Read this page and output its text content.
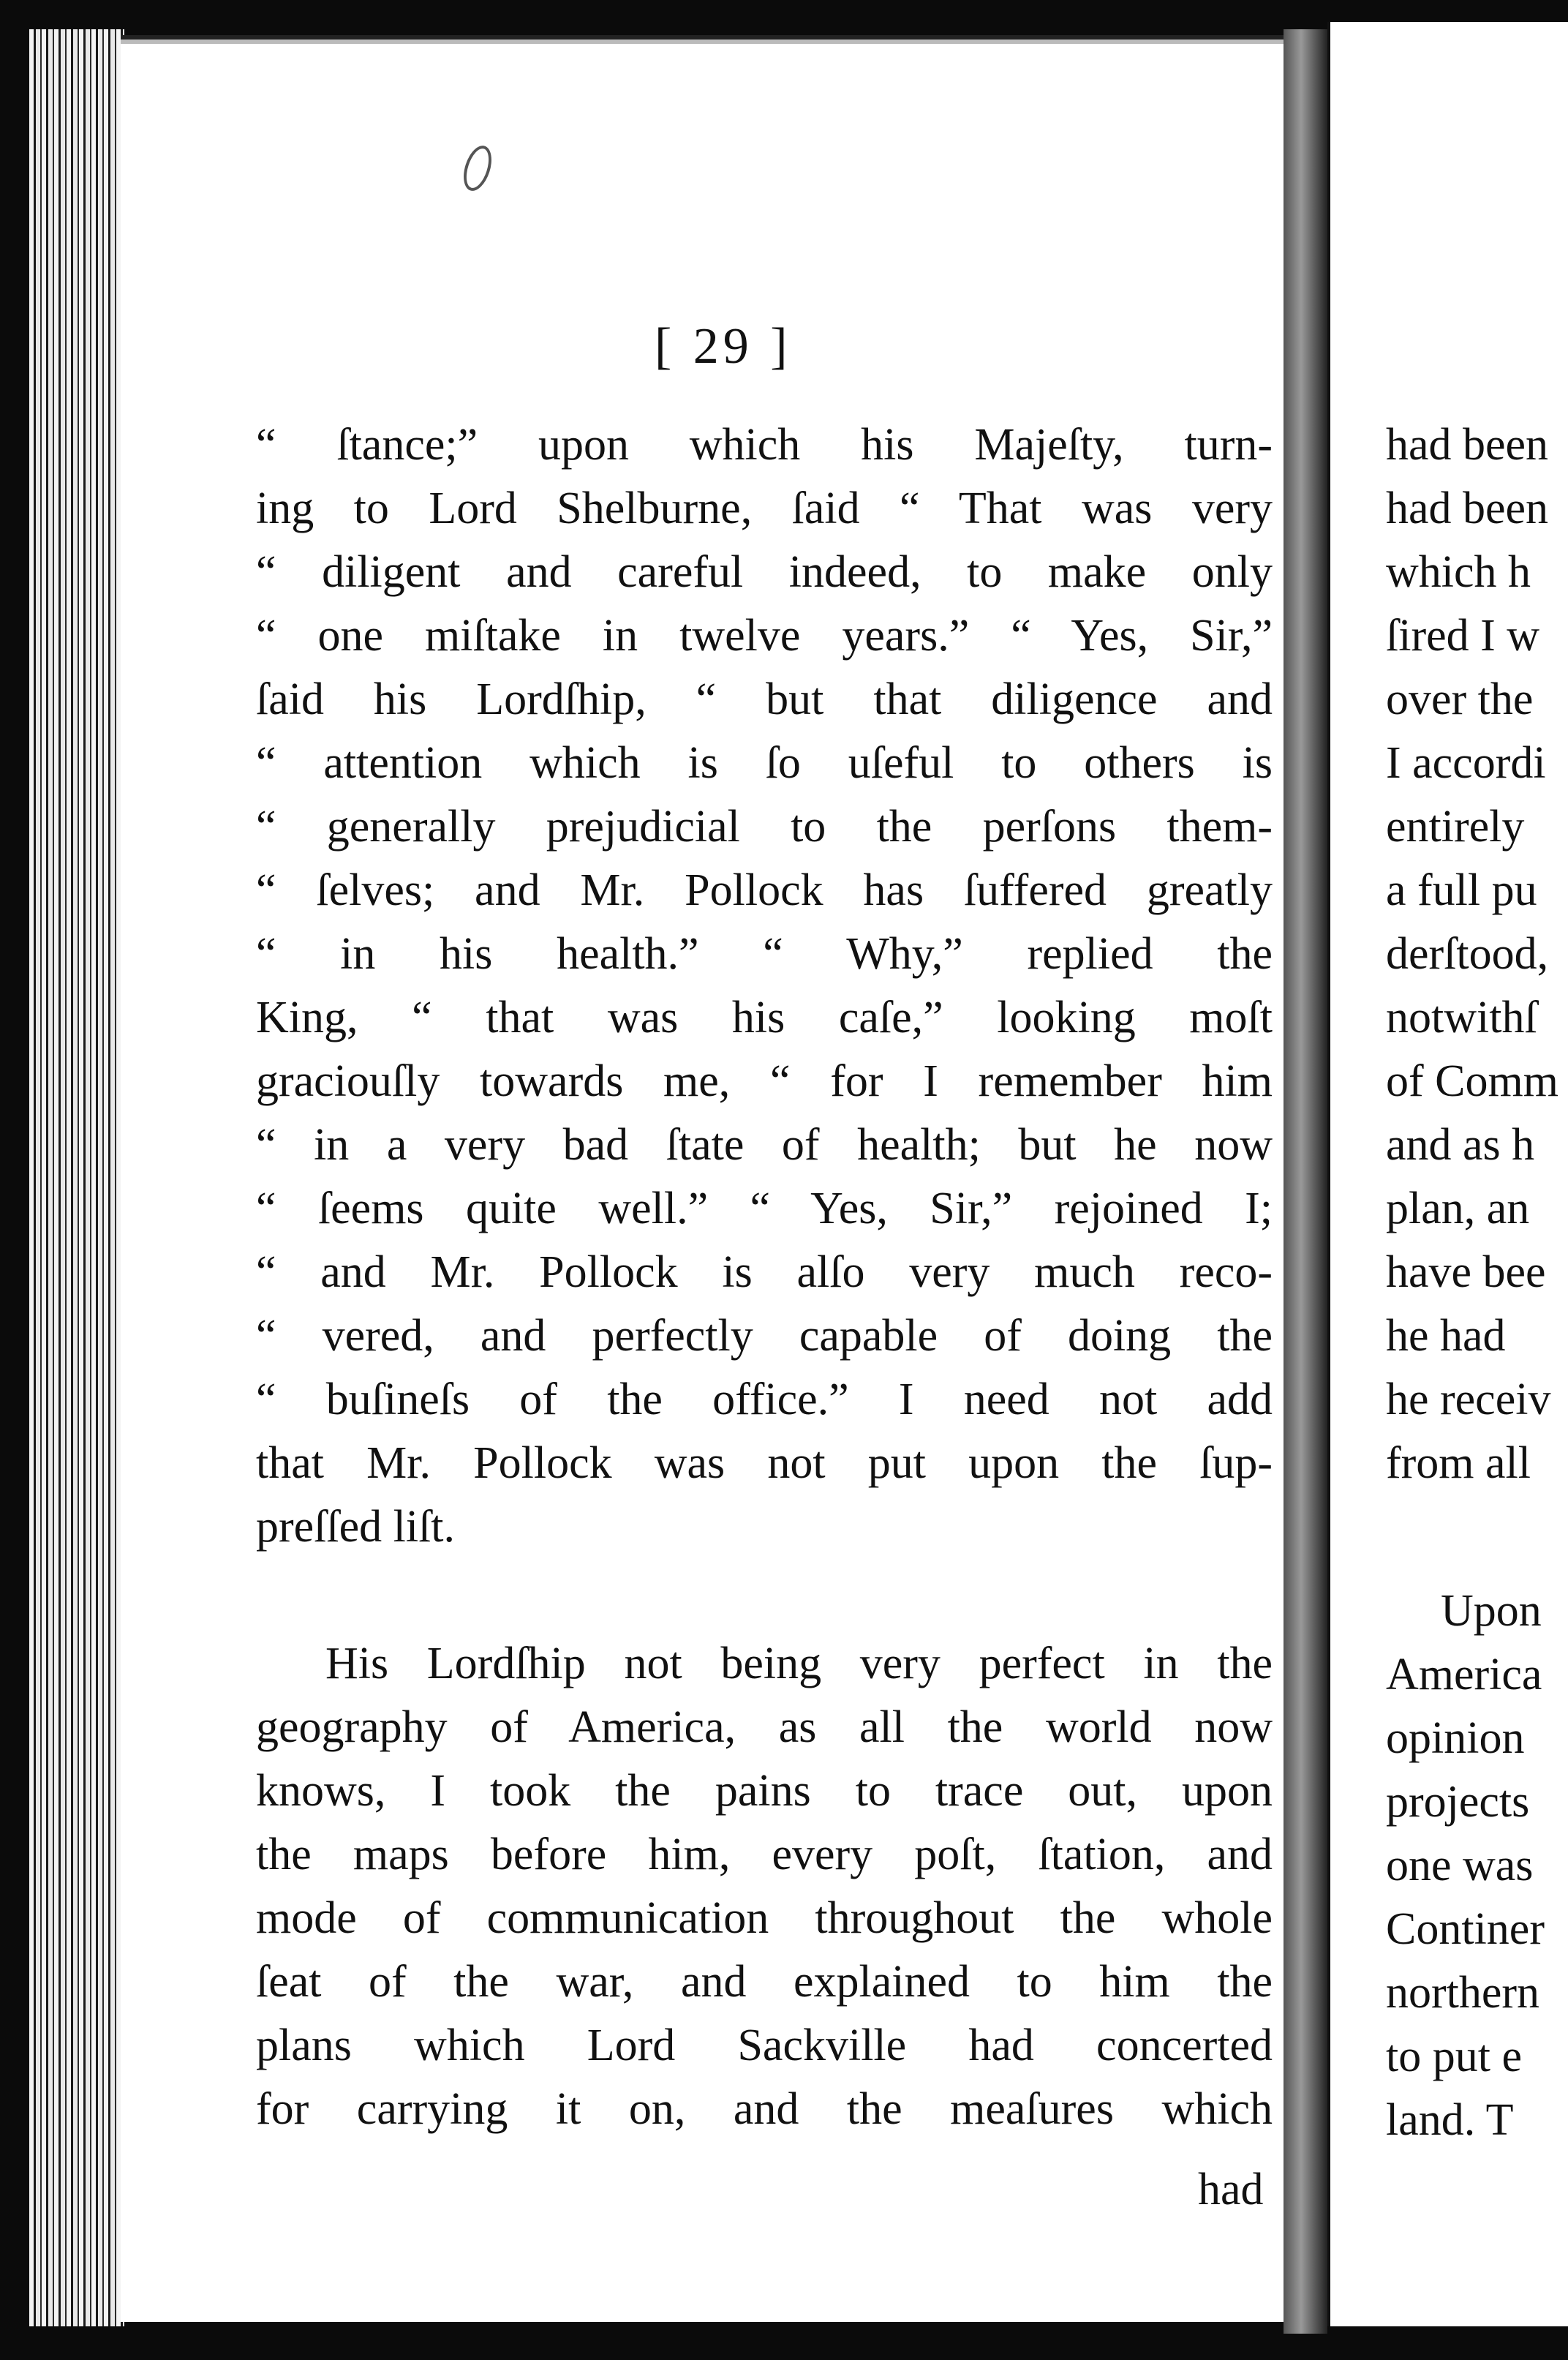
[ 29 ]
“ ſtance;” upon which his Majeſty, turn-
ing to Lord Shelburne, ſaid “ That was very
“ diligent and careful indeed, to make only
“ one miſtake in twelve years.” “ Yes, Sir,”
ſaid his Lordſhip, “ but that diligence and
“ attention which is ſo uſeful to others is
“ generally prejudicial to the perſons them-
“ ſelves; and Mr. Pollock has ſuffered greatly
“ in his health.” “ Why,” replied the
King, “ that was his caſe,” looking moſt
graciouſly towards me, “ for I remember him
“ in a very bad ſtate of health; but he now
“ ſeems quite well.” “ Yes, Sir,” rejoined I;
“ and Mr. Pollock is alſo very much reco-
“ vered, and perfectly capable of doing the
“ buſineſs of the office.” I need not add
that Mr. Pollock was not put upon the ſup-
preſſed liſt.
His Lordſhip not being very perfect in the
geography of America, as all the world now
knows, I took the pains to trace out, upon
the maps before him, every poſt, ſtation, and
mode of communication throughout the whole
ſeat of the war, and explained to him the
plans which Lord Sackville had concerted
for carrying it on, and the meaſures which
had
had been
had been
which h
ſired I w
over the
I accordi
entirely
a full pu
derſtood,
notwithſ
of Comm
and as h
plan, an
have bee
he had
he receiv
from all
Upon
America
opinion
projects
one was
Continer
northern
to put e
land. T
